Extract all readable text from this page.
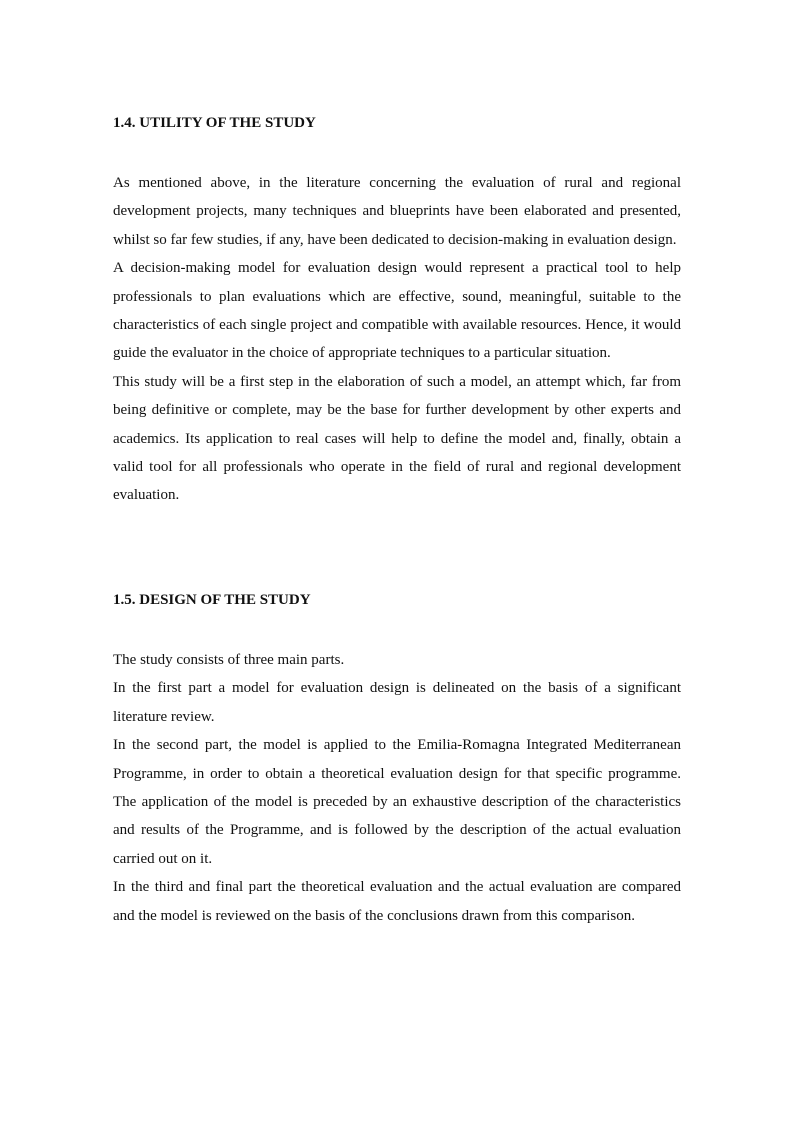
1.4. UTILITY OF THE STUDY

As mentioned above, in the literature concerning the evaluation of rural and regional development projects, many techniques and blueprints have been elaborated and presented, whilst so far few studies, if any, have been dedicated to decision-making in evaluation design.

A decision-making model for evaluation design would represent a practical tool to help professionals to plan evaluations which are effective, sound, meaningful, suitable to the characteristics of each single project and compatible with available resources. Hence, it would guide the evaluator in the choice of appropriate techniques to a particular situation.

This study will be a first step in the elaboration of such a model, an attempt which, far from being definitive or complete, may be the base for further development by other experts and academics. Its application to real cases will help to define the model and, finally, obtain a valid tool for all professionals who operate in the field of rural and regional development evaluation.

1.5. DESIGN OF THE STUDY

The study consists of three main parts.

In the first part a model for evaluation design is delineated on the basis of a significant literature review.

In the second part, the model is applied to the Emilia-Romagna Integrated Mediterranean Programme, in order to obtain a theoretical evaluation design for that specific programme. The application of the model is preceded by an exhaustive description of the characteristics and results of the Programme, and is followed by the description of the actual evaluation carried out on it.

In the third and final part the theoretical evaluation and the actual evaluation are compared and the model is reviewed on the basis of the conclusions drawn from this comparison.
